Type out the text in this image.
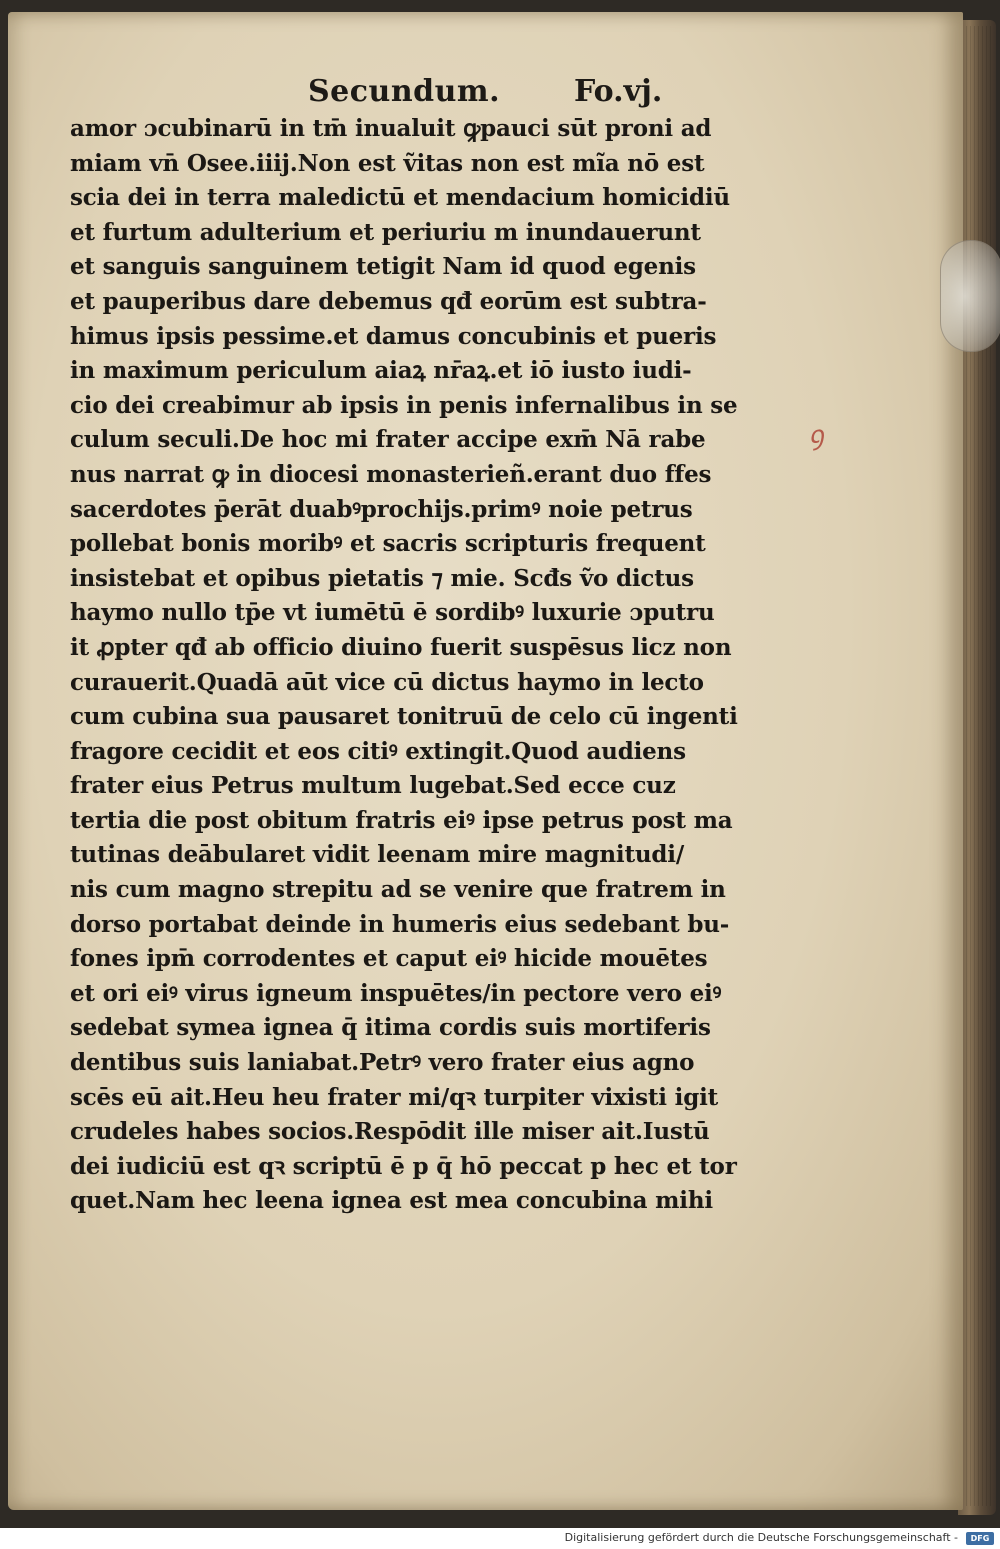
Secundum. Fo.vj.
amor ɔcubinarū in tm̄ inualuit ꝙpauci sūt proni ad
miam vn̄ Osee.iiij.Non est ṽitas non est mĩa nō est
scia dei in terra maledictū et mendacium homicidiū
et furtum adulterium et periuriu m inundauerunt
et sanguis sanguinem tetigit Nam id quod egenis
et pauperibus dare debemus qđ eorūm est subtra-
himus ipsis pessime.et damus concubinis et pueris
in maximum periculum aiaꝝ nr̄aꝝ.et iō iusto iudi-
cio dei creabimur ab ipsis in penis infernalibus in se
culum seculi.De hoc mi frater accipe exm̄ Nā rabe
nus narrat ꝙ in diocesi monasterieñ.erant duo ffes
sacerdotes p̄erāt duabꝰprochijs.primꝰ noie petrus
pollebat bonis moribꝰ et sacris scripturis frequent
insistebat et opibus pietatis ⁊ mie. Scđs ṽo dictus
haymo nullo tp̄e vt iumētū ē sordibꝰ luxurie ɔputru
it ꝓpter qđ ab officio diuino fuerit suspēsus licz non
curauerit.Quadā aūt vice cū dictus haymo in lecto
cum cubina sua pausaret tonitruū de celo cū ingenti
fragore cecidit et eos citiꝰ extingit.Quod audiens
frater eius Petrus multum lugebat.Sed ecce cuz
tertia die post obitum fratris eiꝰ ipse petrus post ma
tutinas deābularet vidit leenam mire magnitudi/
nis cum magno strepitu ad se venire que fratrem in
dorso portabat deinde in humeris eius sedebant bu-
fones ipm̄ corrodentes et caput eiꝰ hicide mouētes
et ori eiꝰ virus igneum inspuētes/in pectore vero eiꝰ
sedebat symea ignea q̄ itima cordis suis mortiferis
dentibus suis laniabat.Petrꝰ vero frater eius agno
scēs eū ait.Heu heu frater mi/qꝛ turpiter vixisti igit
crudeles habes socios.Respōdit ille miser ait.Iustū
dei iudiciū est qꝛ scriptū ē p q̄ hō peccat p hec et tor
quet.Nam hec leena ignea est mea concubina mihi
ꝯ
Digitalisierung gefördert durch die Deutsche Forschungsgemeinschaft -	DFG
